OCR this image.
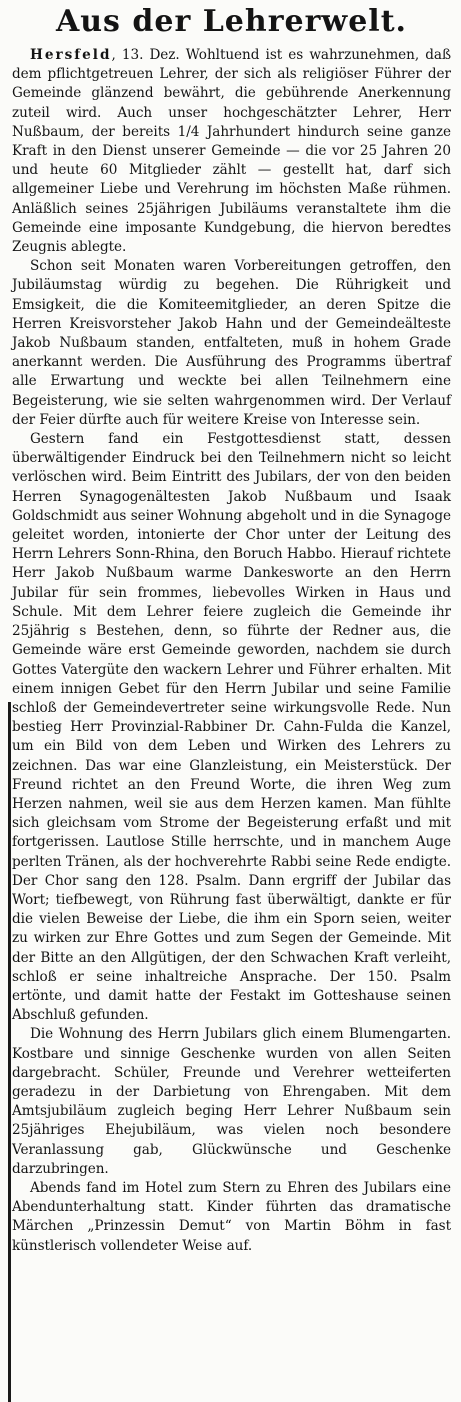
Aus der Lehrerwelt.

Hersfeld, 13. Dez. Wohltuend ist es wahrzunehmen, daß dem pflichtgetreuen Lehrer, der sich als religiöser Führer der Gemeinde glänzend bewährt, die gebührende Anerkennung zuteil wird. Auch unser hochgeschätzter Lehrer, Herr Nußbaum, der bereits 1/4 Jahrhundert hindurch seine ganze Kraft in den Dienst unserer Gemeinde — die vor 25 Jahren 20 und heute 60 Mitglieder zählt — gestellt hat, darf sich allgemeiner Liebe und Verehrung im höchsten Maße rühmen. Anläßlich seines 25jährigen Jubiläums veranstaltete ihm die Gemeinde eine imposante Kundgebung, die hiervon beredtes Zeugnis ablegte.

Schon seit Monaten waren Vorbereitungen getroffen, den Jubiläumstag würdig zu begehen. Die Rührigkeit und Emsigkeit, die die Komiteemitglieder, an deren Spitze die Herren Kreisvorsteher Jakob Hahn und der Gemeindeälteste Jakob Nußbaum standen, entfalteten, muß in hohem Grade anerkannt werden. Die Ausführung des Programms übertraf alle Erwartung und weckte bei allen Teilnehmern eine Begeisterung, wie sie selten wahrgenommen wird. Der Verlauf der Feier dürfte auch für weitere Kreise von Interesse sein.

Gestern fand ein Festgottesdienst statt, dessen überwältigender Eindruck bei den Teilnehmern nicht so leicht verlöschen wird. Beim Eintritt des Jubilars, der von den beiden Herren Synagogenältesten Jakob Nußbaum und Isaak Goldschmidt aus seiner Wohnung abgeholt und in die Synagoge geleitet worden, intonierte der Chor unter der Leitung des Herrn Lehrers Sonn-Rhina, den Boruch Habbo. Hierauf richtete Herr Jakob Nußbaum warme Dankesworte an den Herrn Jubilar für sein frommes, liebevolles Wirken in Haus und Schule. Mit dem Lehrer feiere zugleich die Gemeinde ihr 25jährig s Bestehen, denn, so führte der Redner aus, die Gemeinde wäre erst Gemeinde geworden, nachdem sie durch Gottes Vatergüte den wackern Lehrer und Führer erhalten. Mit einem innigen Gebet für den Herrn Jubilar und seine Familie schloß der Gemeindevertreter seine wirkungsvolle Rede. Nun bestieg Herr Provinzial-Rabbiner Dr. Cahn-Fulda die Kanzel, um ein Bild von dem Leben und Wirken des Lehrers zu zeichnen. Das war eine Glanzleistung, ein Meisterstück. Der Freund richtet an den Freund Worte, die ihren Weg zum Herzen nahmen, weil sie aus dem Herzen kamen. Man fühlte sich gleichsam vom Strome der Begeisterung erfaßt und mit fortgerissen. Lautlose Stille herrschte, und in manchem Auge perlten Tränen, als der hochverehrte Rabbi seine Rede endigte. Der Chor sang den 128. Psalm. Dann ergriff der Jubilar das Wort; tiefbewegt, von Rührung fast überwältigt, dankte er für die vielen Beweise der Liebe, die ihm ein Sporn seien, weiter zu wirken zur Ehre Gottes und zum Segen der Gemeinde. Mit der Bitte an den Allgütigen, der den Schwachen Kraft verleiht, schloß er seine inhaltreiche Ansprache. Der 150. Psalm ertönte, und damit hatte der Festakt im Gotteshause seinen Abschluß gefunden.

Die Wohnung des Herrn Jubilars glich einem Blumengarten. Kostbare und sinnige Geschenke wurden von allen Seiten dargebracht. Schüler, Freunde und Verehrer wetteiferten geradezu in der Darbietung von Ehrengaben. Mit dem Amtsjubiläum zugleich beging Herr Lehrer Nußbaum sein 25jähriges Ehejubiläum, was vielen noch besondere Veranlassung gab, Glückwünsche und Geschenke darzubringen.

Abends fand im Hotel zum Stern zu Ehren des Jubilars eine Abendunterhaltung statt. Kinder führten das dramatische Märchen „Prinzessin Demut“ von Martin Böhm in fast künstlerisch vollendeter Weise auf.
